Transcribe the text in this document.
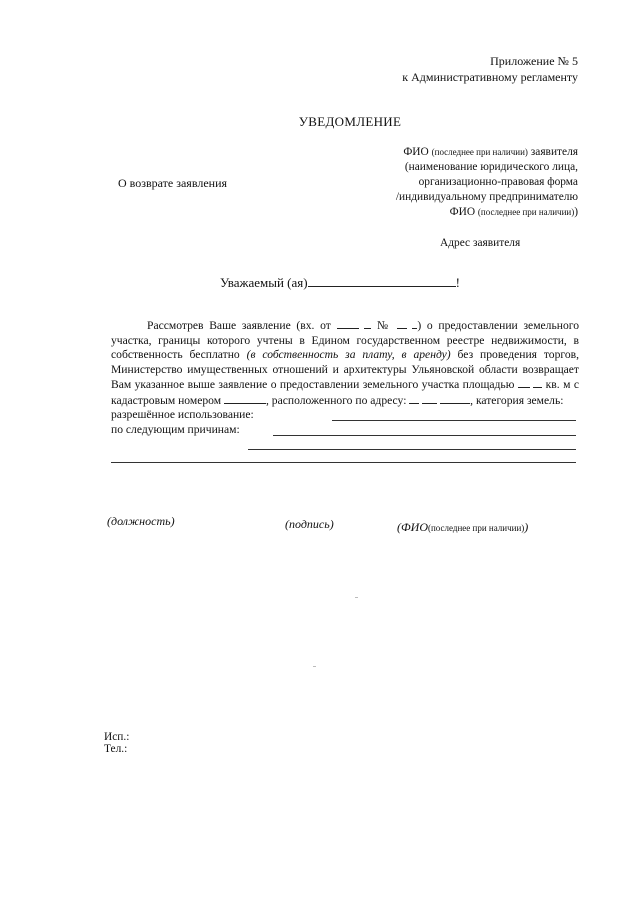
Приложение № 5
к Административному регламенту
УВЕДОМЛЕНИЕ
О возврате заявления
ФИО (последнее при наличии) заявителя
(наименование юридического лица,
организационно-правовая форма
/индивидуальному предпринимателю
ФИО (последнее при наличии))
Адрес заявителя
Уважаемый (ая)	!

Рассмотрев Ваше заявление (вх. от	№ ) о предоставлении земельного участка, границы которого учтены в Едином государственном реестре недвижимости, в собственность бесплатно (в собственность за плату, в аренду) без проведения торгов, Министерство имущественных отношений и архитектуры Ульяновской области возвращает Вам указанное выше заявление о предоставлении земельного участка площадью	кв. м с кадастровым номером	, расположенного по адресу:	, категория земель:

разрешённое использование:

по следующим причинам:

(должность)	(подпись)	(ФИО(последнее при наличии))
Исп.:
Тел.:
